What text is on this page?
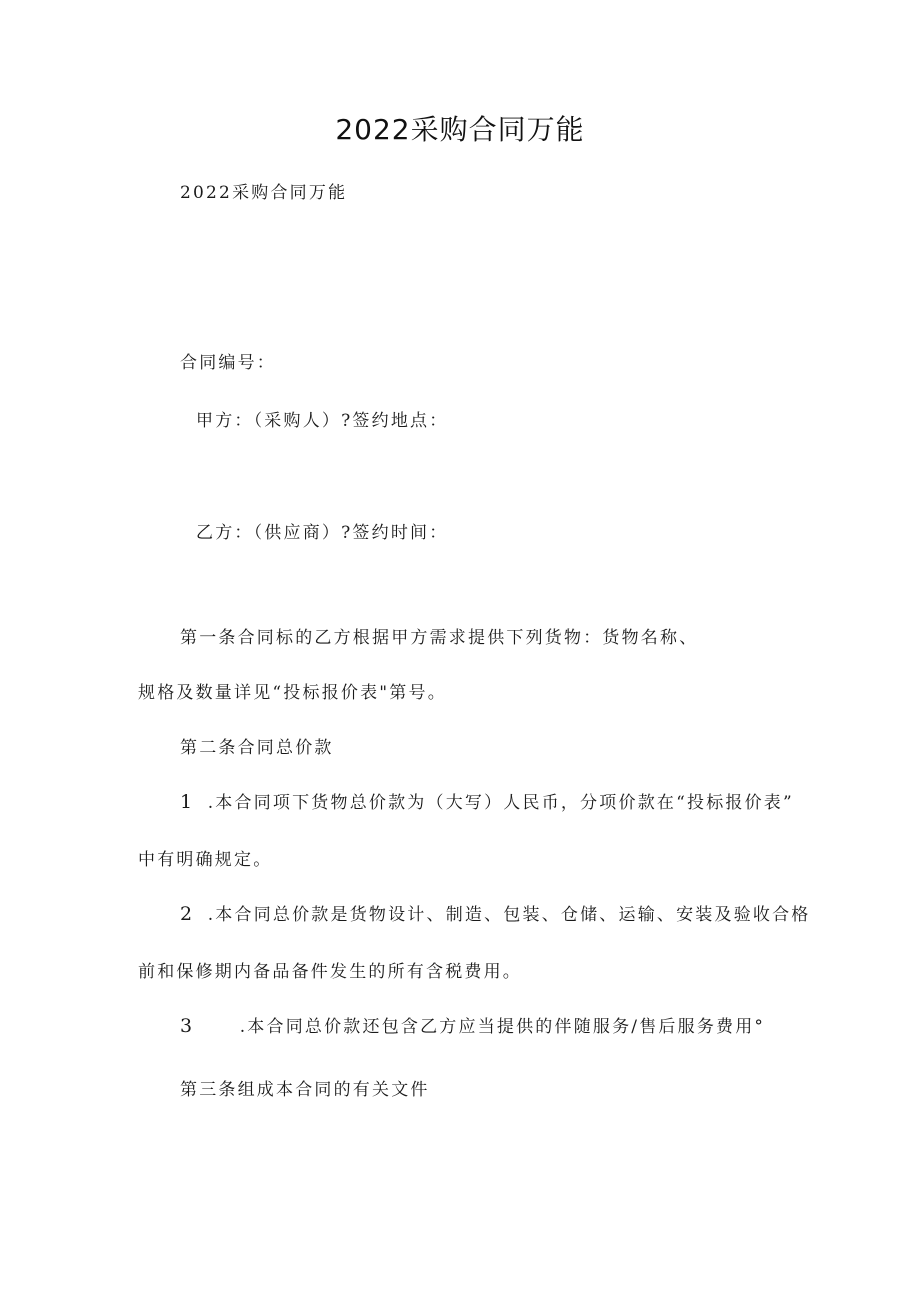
2022采购合同万能
2022采购合同万能
合同编号：
甲方：（采购人）?签约地点：
乙方：（供应商）?签约时间：
第一条合同标的乙方根据甲方需求提供下列货物：货物名称、
规格及数量详见“投标报价表"第号。
第二条合同总价款
1 .本合同项下货物总价款为（大写）人民币，分项价款在“投标报价表”
中有明确规定。
2 .本合同总价款是货物设计、制造、包装、仓储、运输、安装及验收合格
前和保修期内备品备件发生的所有含税费用。
3	.本合同总价款还包含乙方应当提供的伴随服务/售后服务费用°
第三条组成本合同的有关文件
